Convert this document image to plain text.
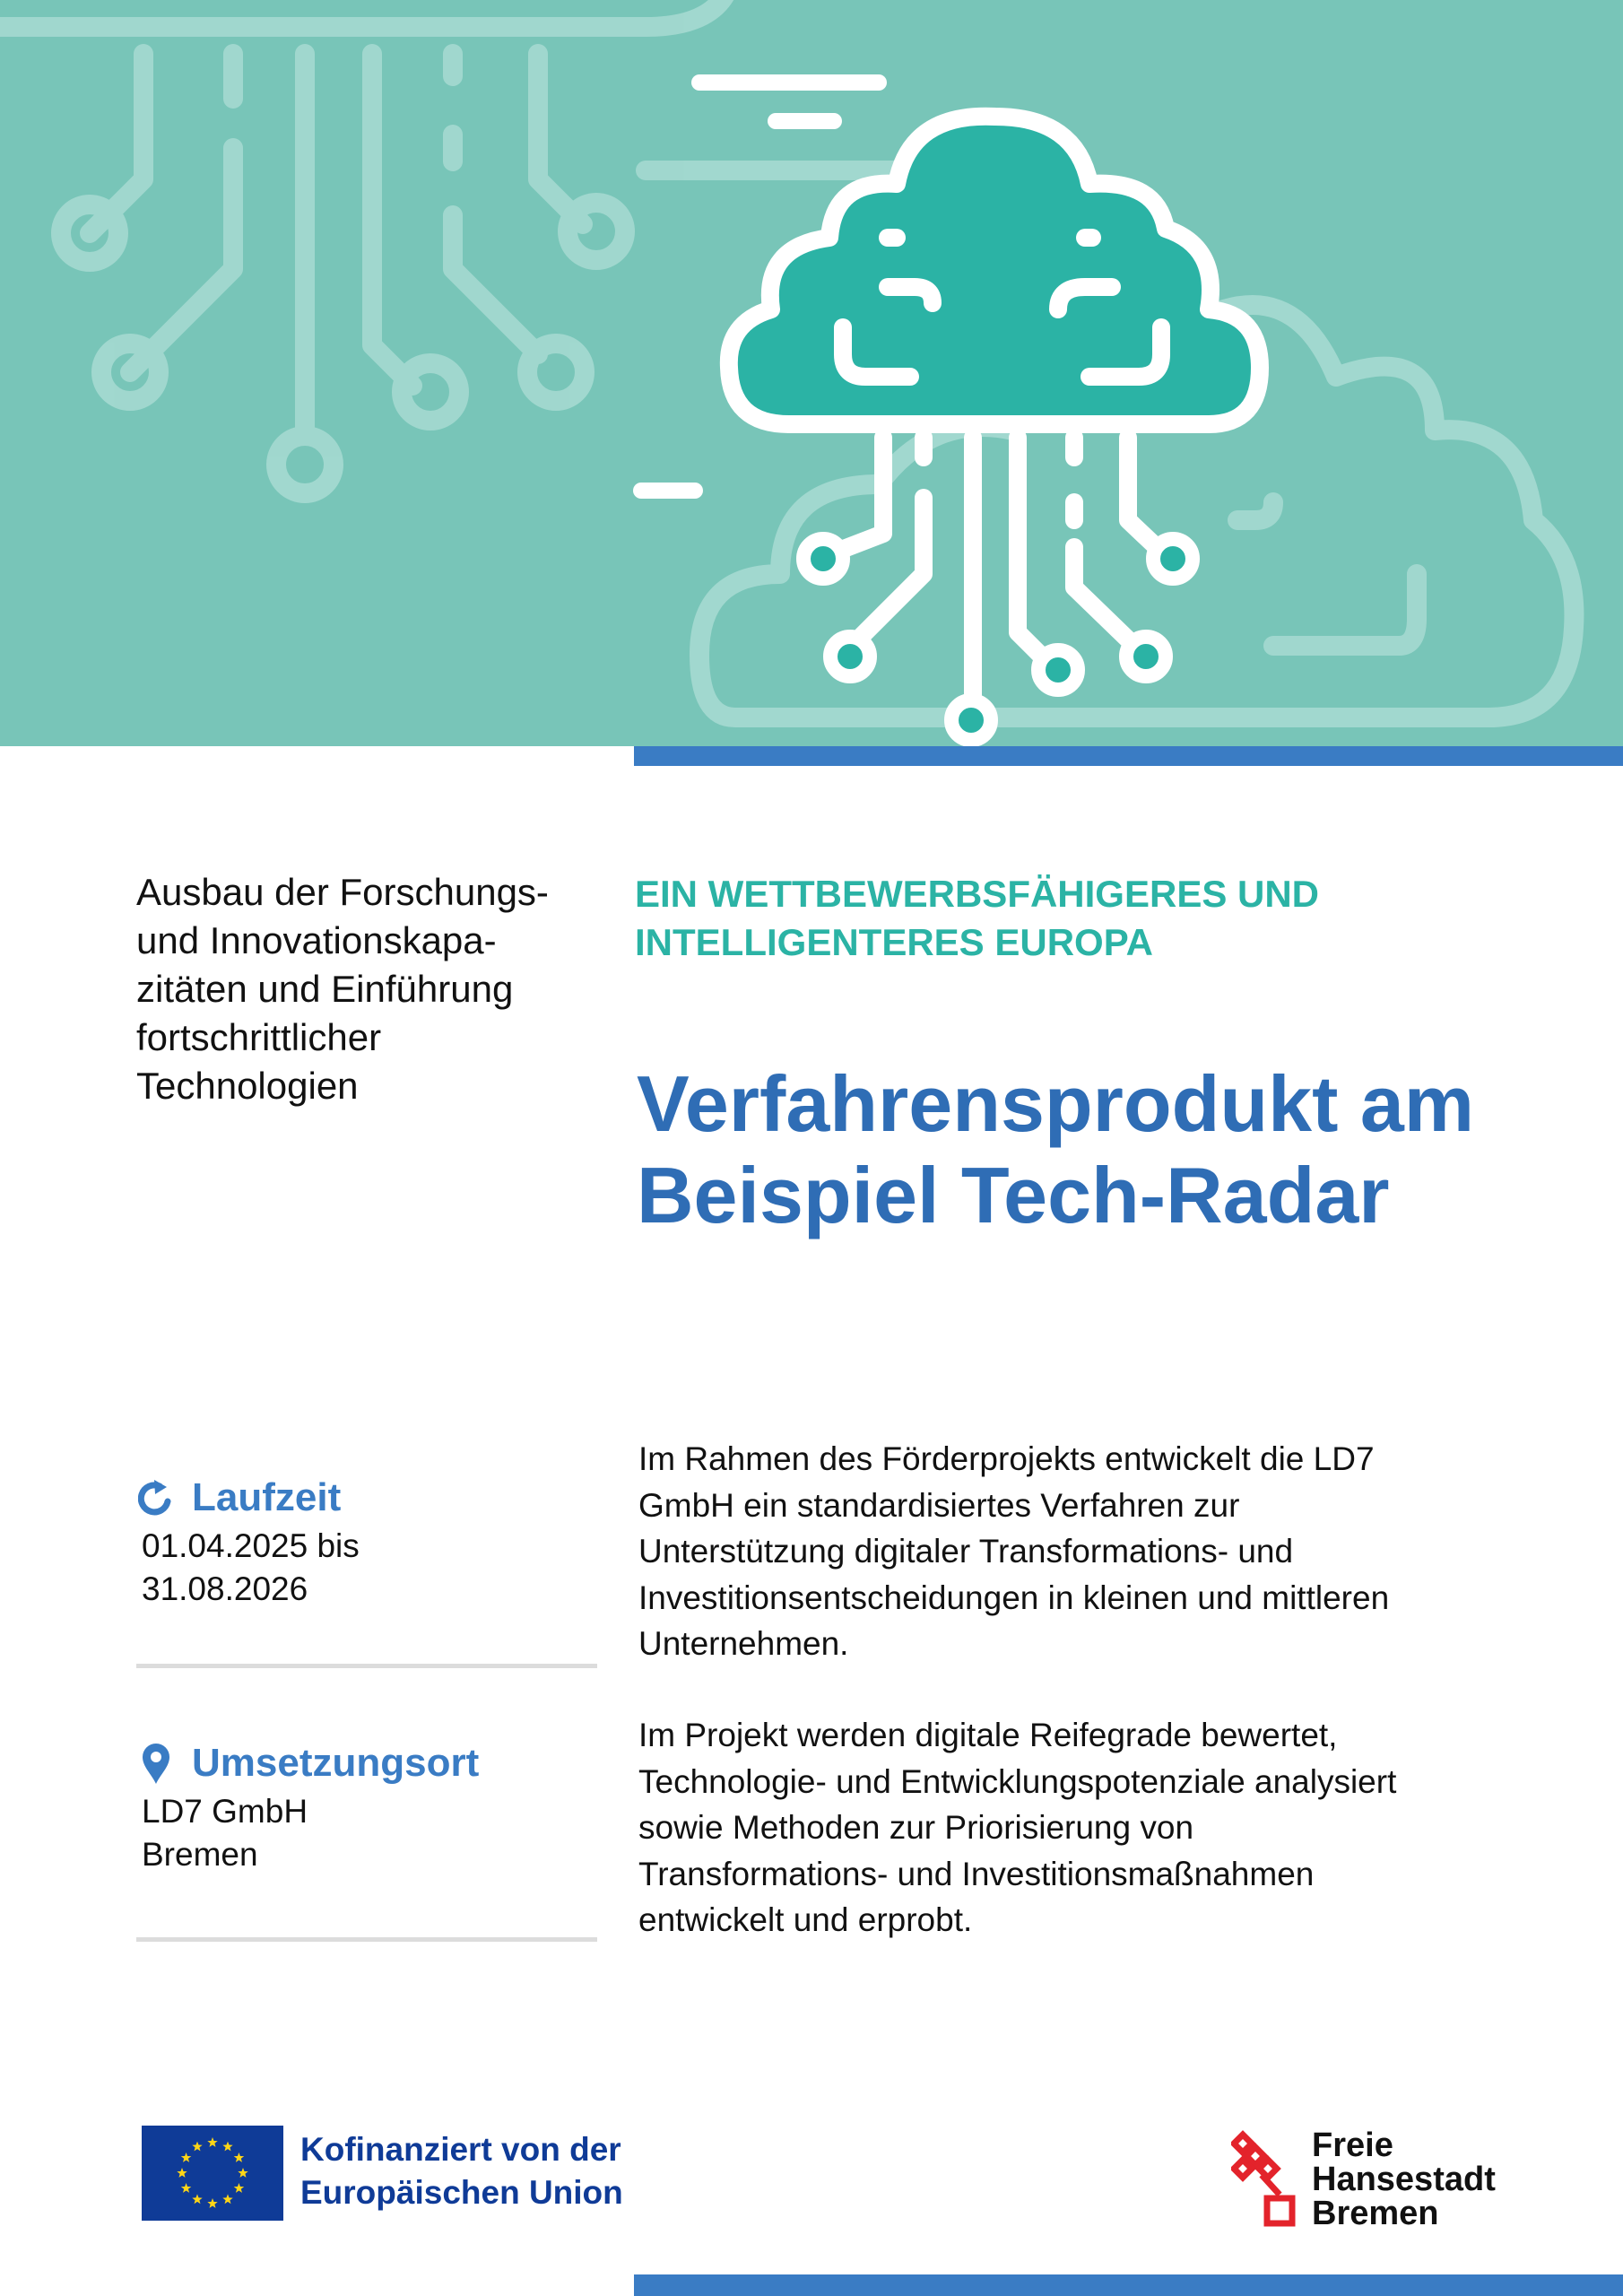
Ausbau der Forschungs-
und Innovationskapa-
zitäten und Einführung
fortschrittlicher
Technologien
EIN WETTBEWERBSFÄHIGERES UND
INTELLIGENTERES EUROPA
Verfahrensprodukt am
Beispiel Tech-Radar
Laufzeit
01.04.2025 bis
31.08.2026
Umsetzungsort
LD7 GmbH
Bremen
Im Rahmen des Förderprojekts entwickelt die LD7
GmbH ein standardisiertes Verfahren zur
Unterstützung digitaler Transformations- und
Investitionsentscheidungen in kleinen und mittleren
Unternehmen.
Im Projekt werden digitale Reifegrade bewertet,
Technologie- und Entwicklungspotenziale analysiert
sowie Methoden zur Priorisierung von
Transformations- und Investitionsmaßnahmen
entwickelt und erprobt.
Kofinanziert von der
Europäischen Union
Freie
Hansestadt
Bremen
